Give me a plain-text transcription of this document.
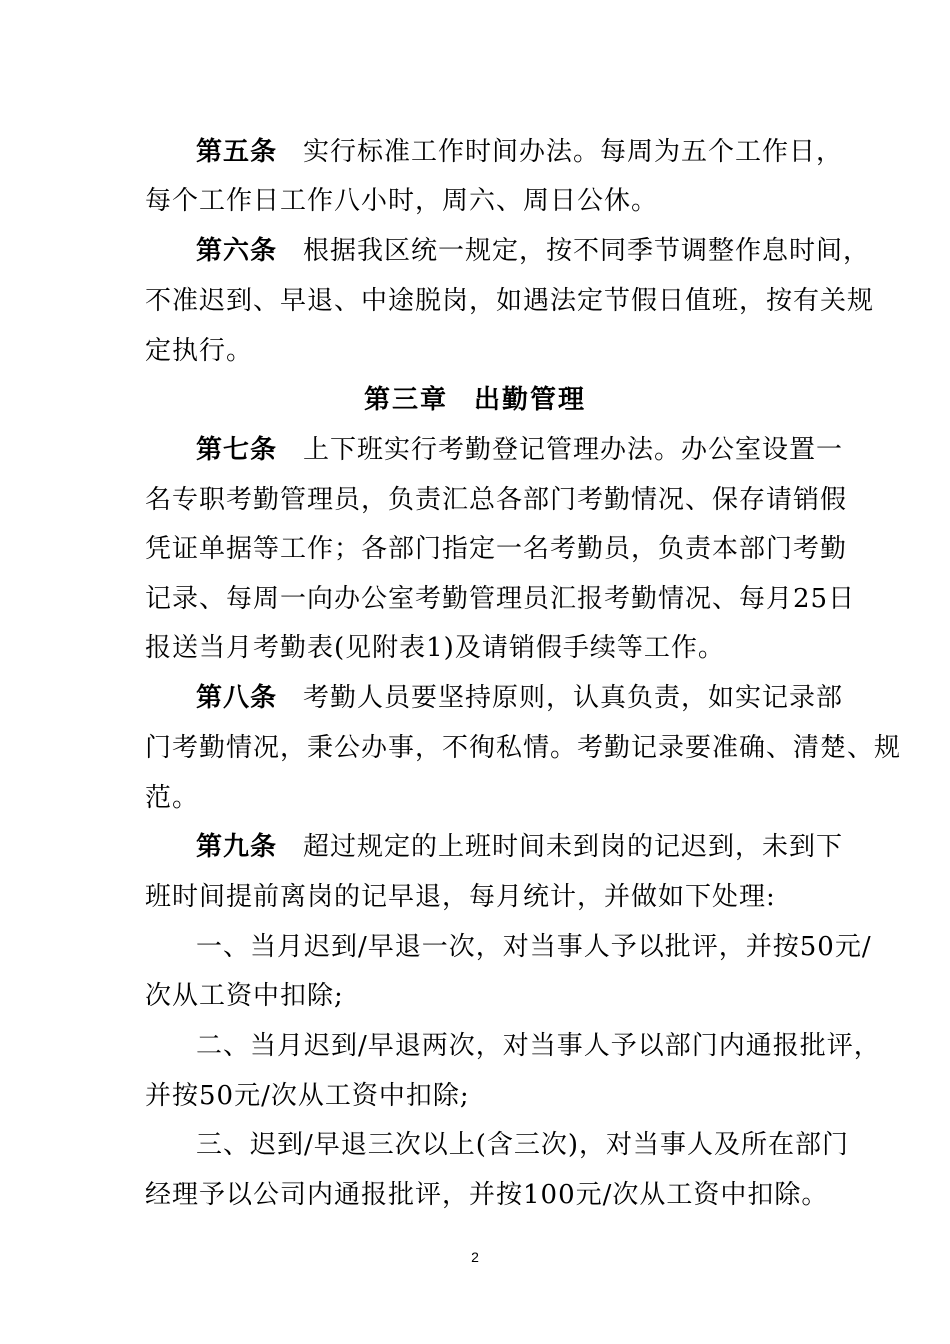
第五条 实行标准工作时间办法。每周为五个工作日，
每个工作日工作八小时，周六、周日公休。
第六条 根据我区统一规定，按不同季节调整作息时间，
不准迟到、早退、中途脱岗，如遇法定节假日值班，按有关规
定执行。
第三章 出勤管理
第七条 上下班实行考勤登记管理办法。办公室设置一
名专职考勤管理员，负责汇总各部门考勤情况、保存请销假
凭证单据等工作；各部门指定一名考勤员，负责本部门考勤
记录、每周一向办公室考勤管理员汇报考勤情况、每月25日
报送当月考勤表(见附表1)及请销假手续等工作。
第八条 考勤人员要坚持原则，认真负责，如实记录部
门考勤情况，秉公办事，不徇私情。考勤记录要准确、清楚、规
范。
第九条 超过规定的上班时间未到岗的记迟到，未到下
班时间提前离岗的记早退，每月统计，并做如下处理:
一、当月迟到/早退一次，对当事人予以批评，并按50元/
次从工资中扣除;
二、当月迟到/早退两次，对当事人予以部门内通报批评，
并按50元/次从工资中扣除;
三、迟到/早退三次以上(含三次)，对当事人及所在部门
经理予以公司内通报批评，并按100元/次从工资中扣除。
2
